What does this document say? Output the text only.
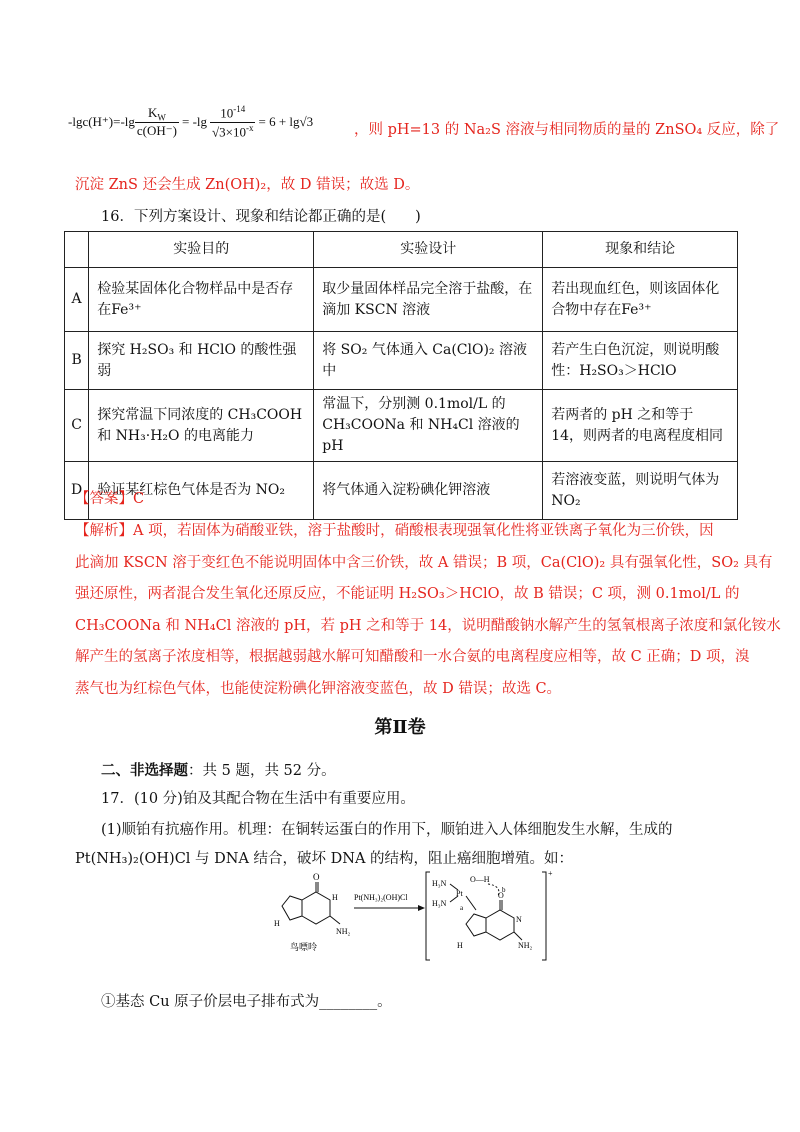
$-\lg c(H^+)=-\lg \frac{K_W}{c(OH^-)} = -\lg \frac{10^{-14}}{√3\times 10^{-x}} = 6 + \lg√3$
，则 pH=13 的 Na₂S 溶液与相同物质的量的 ZnSO₄ 反应，除了
沉淀 ZnS 还会生成 Zn(OH)₂，故 D 错误；故选 D。
16．下列方案设计、现象和结论都正确的是(　　)
	实验目的	实验设计	现象和结论
A	检验某固体化合物样品中是否存在Fe³⁺	取少量固体样品完全溶于盐酸，在滴加 KSCN 溶液	若出现血红色，则该固体化合物中存在Fe³⁺
B	探究 H₂SO₃ 和 HClO 的酸性强弱	将 SO₂ 气体通入 Ca(ClO)₂ 溶液中	若产生白色沉淀，则说明酸性：H₂SO₃＞HClO
C	探究常温下同浓度的 CH₃COOH 和 NH₃·H₂O 的电离能力	常温下，分别测 0.1mol/L 的 CH₃COONa 和 NH₄Cl 溶液的 pH	若两者的 pH 之和等于 14，则两者的电离程度相同
D	验证某红棕色气体是否为 NO₂	将气体通入淀粉碘化钾溶液	若溶液变蓝，则说明气体为 NO₂
【答案】C
【解析】A 项，若固体为硝酸亚铁，溶于盐酸时，硝酸根表现强氧化性将亚铁离子氧化为三价铁，因
此滴加 KSCN 溶于变红色不能说明固体中含三价铁，故 A 错误；B 项，Ca(ClO)₂ 具有强氧化性，SO₂ 具有
强还原性，两者混合发生氧化还原反应，不能证明 H₂SO₃＞HClO，故 B 错误；C 项，测 0.1mol/L 的
CH₃COONa 和 NH₄Cl 溶液的 pH，若 pH 之和等于 14，说明醋酸钠水解产生的氢氧根离子浓度和氯化铵水
解产生的氢离子浓度相等，根据越弱越水解可知醋酸和一水合氨的电离程度应相等，故 C 正确；D 项，溴
蒸气也为红棕色气体，也能使淀粉碘化钾溶液变蓝色，故 D 错误；故选 C。
第Ⅱ卷
二、非选择题：共 5 题，共 52 分。
17．(10 分)铂及其配合物在生活中有重要应用。
(1)顺铂有抗癌作用。机理：在铜转运蛋白的作用下，顺铂进入人体细胞发生水解，生成的
Pt(NH₃)₂(OH)Cl 与 DNA 结合，破坏 DNA 的结构，阻止癌细胞增殖。如：
O
H
H
NH₂
鸟嘌呤
Pt(NH₃)₂(OH)Cl
+
H₃N
H₃N
Pt
O—H
a
b
O
H	NH₂
N
①基态 Cu 原子价层电子排布式为________。
